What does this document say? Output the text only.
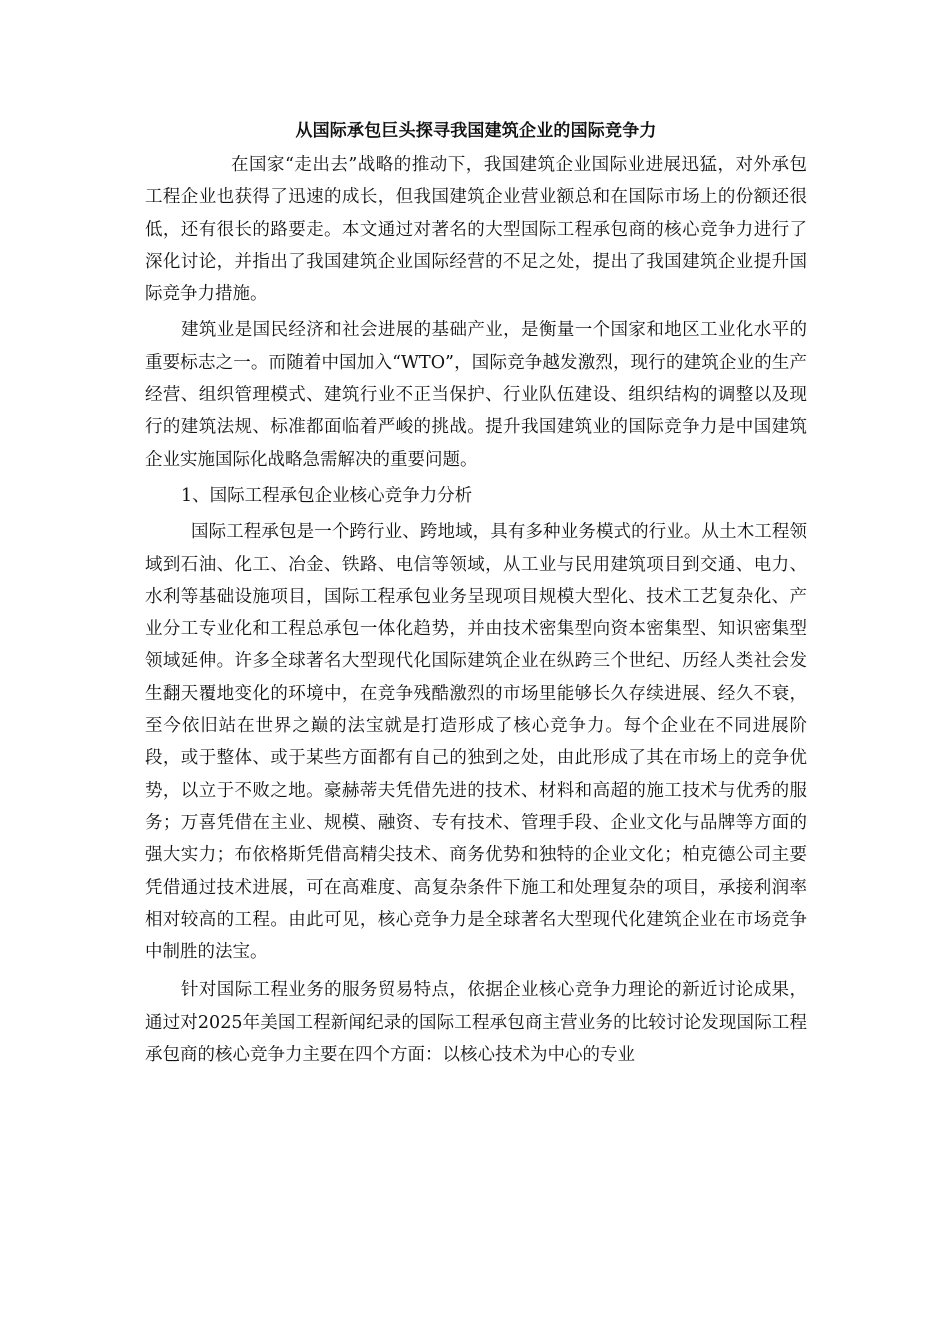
从国际承包巨头探寻我国建筑企业的国际竞争力

在国家“走出去”战略的推动下，我国建筑企业国际业进展迅猛，对外承包工程企业也获得了迅速的成长，但我国建筑企业营业额总和在国际市场上的份额还很低，还有很长的路要走。本文通过对著名的大型国际工程承包商的核心竞争力进行了深化讨论，并指出了我国建筑企业国际经营的不足之处，提出了我国建筑企业提升国际竞争力措施。

建筑业是国民经济和社会进展的基础产业，是衡量一个国家和地区工业化水平的重要标志之一。而随着中国加入“WTO”，国际竞争越发激烈，现行的建筑企业的生产经营、组织管理模式、建筑行业不正当保护、行业队伍建设、组织结构的调整以及现行的建筑法规、标准都面临着严峻的挑战。提升我国建筑业的国际竞争力是中国建筑企业实施国际化战略急需解决的重要问题。

1、国际工程承包企业核心竞争力分析

国际工程承包是一个跨行业、跨地域，具有多种业务模式的行业。从土木工程领域到石油、化工、冶金、铁路、电信等领域，从工业与民用建筑项目到交通、电力、水利等基础设施项目，国际工程承包业务呈现项目规模大型化、技术工艺复杂化、产业分工专业化和工程总承包一体化趋势，并由技术密集型向资本密集型、知识密集型领域延伸。许多全球著名大型现代化国际建筑企业在纵跨三个世纪、历经人类社会发生翻天覆地变化的环境中，在竞争残酷激烈的市场里能够长久存续进展、经久不衰，至今依旧站在世界之巅的法宝就是打造形成了核心竞争力。每个企业在不同进展阶段，或于整体、或于某些方面都有自己的独到之处，由此形成了其在市场上的竞争优势，以立于不败之地。豪赫蒂夫凭借先进的技术、材料和高超的施工技术与优秀的服务；万喜凭借在主业、规模、融资、专有技术、管理手段、企业文化与品牌等方面的强大实力；布依格斯凭借高精尖技术、商务优势和独特的企业文化；柏克德公司主要凭借通过技术进展，可在高难度、高复杂条件下施工和处理复杂的项目，承接利润率相对较高的工程。由此可见，核心竞争力是全球著名大型现代化建筑企业在市场竞争中制胜的法宝。

针对国际工程业务的服务贸易特点，依据企业核心竞争力理论的新近讨论成果，通过对2025年美国工程新闻纪录的国际工程承包商主营业务的比较讨论发现国际工程承包商的核心竞争力主要在四个方面：以核心技术为中心的专业
